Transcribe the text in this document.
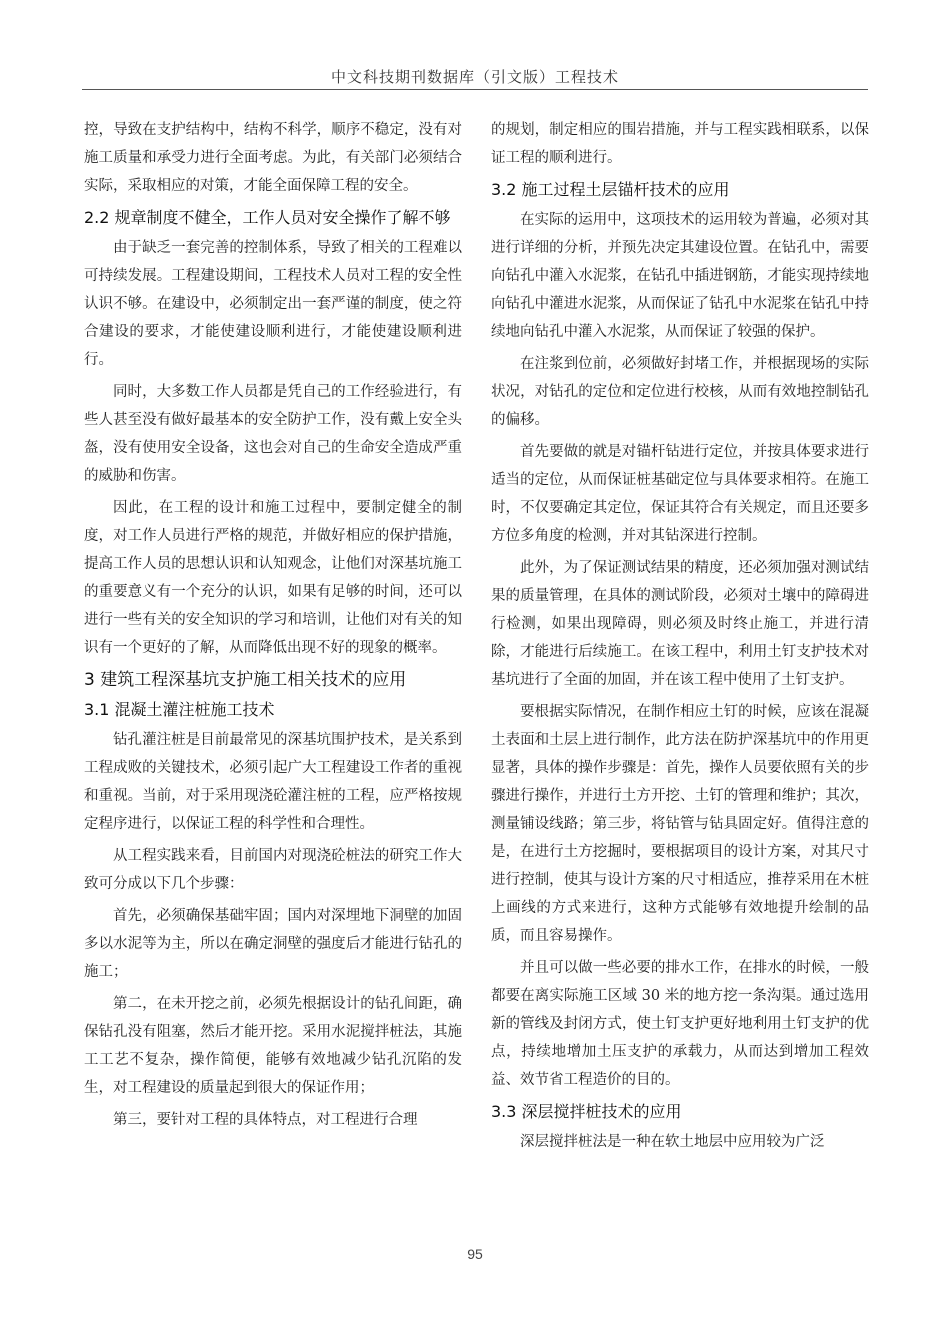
中文科技期刊数据库（引文版）工程技术

控，导致在支护结构中，结构不科学，顺序不稳定，没有对施工质量和承受力进行全面考虑。为此，有关部门必须结合实际，采取相应的对策，才能全面保障工程的安全。

2.2 规章制度不健全，工作人员对安全操作了解不够

由于缺乏一套完善的控制体系，导致了相关的工程难以可持续发展。工程建设期间，工程技术人员对工程的安全性认识不够。在建设中，必须制定出一套严谨的制度，使之符合建设的要求，才能使建设顺利进行，才能使建设顺利进行。

同时，大多数工作人员都是凭自己的工作经验进行，有些人甚至没有做好最基本的安全防护工作，没有戴上安全头盔，没有使用安全设备，这也会对自己的生命安全造成严重的威胁和伤害。

因此，在工程的设计和施工过程中，要制定健全的制度，对工作人员进行严格的规范，并做好相应的保护措施，提高工作人员的思想认识和认知观念，让他们对深基坑施工的重要意义有一个充分的认识，如果有足够的时间，还可以进行一些有关的安全知识的学习和培训，让他们对有关的知识有一个更好的了解，从而降低出现不好的现象的概率。

3 建筑工程深基坑支护施工相关技术的应用
3.1 混凝土灌注桩施工技术

钻孔灌注桩是目前最常见的深基坑围护技术，是关系到工程成败的关键技术，必须引起广大工程建设工作者的重视和重视。当前，对于采用现浇砼灌注桩的工程，应严格按规定程序进行，以保证工程的科学性和合理性。

从工程实践来看，目前国内对现浇砼桩法的研究工作大致可分成以下几个步骤：

首先，必须确保基础牢固；国内对深埋地下洞壁的加固多以水泥等为主，所以在确定洞壁的强度后才能进行钻孔的施工；

第二，在未开挖之前，必须先根据设计的钻孔间距，确保钻孔没有阻塞，然后才能开挖。采用水泥搅拌桩法，其施工工艺不复杂，操作简便，能够有效地减少钻孔沉陷的发生，对工程建设的质量起到很大的保证作用；

第三，要针对工程的具体特点，对工程进行合理

的规划，制定相应的围岩措施，并与工程实践相联系，以保证工程的顺利进行。

3.2 施工过程土层锚杆技术的应用

在实际的运用中，这项技术的运用较为普遍，必须对其进行详细的分析，并预先决定其建设位置。在钻孔中，需要向钻孔中灌入水泥浆，在钻孔中插进钢筋，才能实现持续地向钻孔中灌进水泥浆，从而保证了钻孔中水泥浆在钻孔中持续地向钻孔中灌入水泥浆，从而保证了较强的保护。

在注浆到位前，必须做好封堵工作，并根据现场的实际状况，对钻孔的定位和定位进行校核，从而有效地控制钻孔的偏移。

首先要做的就是对锚杆钻进行定位，并按具体要求进行适当的定位，从而保证桩基础定位与具体要求相符。在施工时，不仅要确定其定位，保证其符合有关规定，而且还要多方位多角度的检测，并对其钻深进行控制。

此外，为了保证测试结果的精度，还必须加强对测试结果的质量管理，在具体的测试阶段，必须对土壤中的障碍进行检测，如果出现障碍，则必须及时终止施工，并进行清除，才能进行后续施工。在该工程中，利用土钉支护技术对基坑进行了全面的加固，并在该工程中使用了土钉支护。

要根据实际情况，在制作相应土钉的时候，应该在混凝土表面和土层上进行制作，此方法在防护深基坑中的作用更显著，具体的操作步骤是：首先，操作人员要依照有关的步骤进行操作，并进行土方开挖、土钉的管理和维护；其次，测量铺设线路；第三步，将钻管与钻具固定好。值得注意的是，在进行土方挖掘时，要根据项目的设计方案，对其尺寸进行控制，使其与设计方案的尺寸相适应，推荐采用在木桩上画线的方式来进行，这种方式能够有效地提升绘制的品质，而且容易操作。

并且可以做一些必要的排水工作，在排水的时候，一般都要在离实际施工区域 30 米的地方挖一条沟渠。通过选用新的管线及封闭方式，使土钉支护更好地利用土钉支护的优点，持续地增加土压支护的承载力，从而达到增加工程效益、效节省工程造价的目的。

3.3 深层搅拌桩技术的应用

深层搅拌桩法是一种在软土地层中应用较为广泛

95
